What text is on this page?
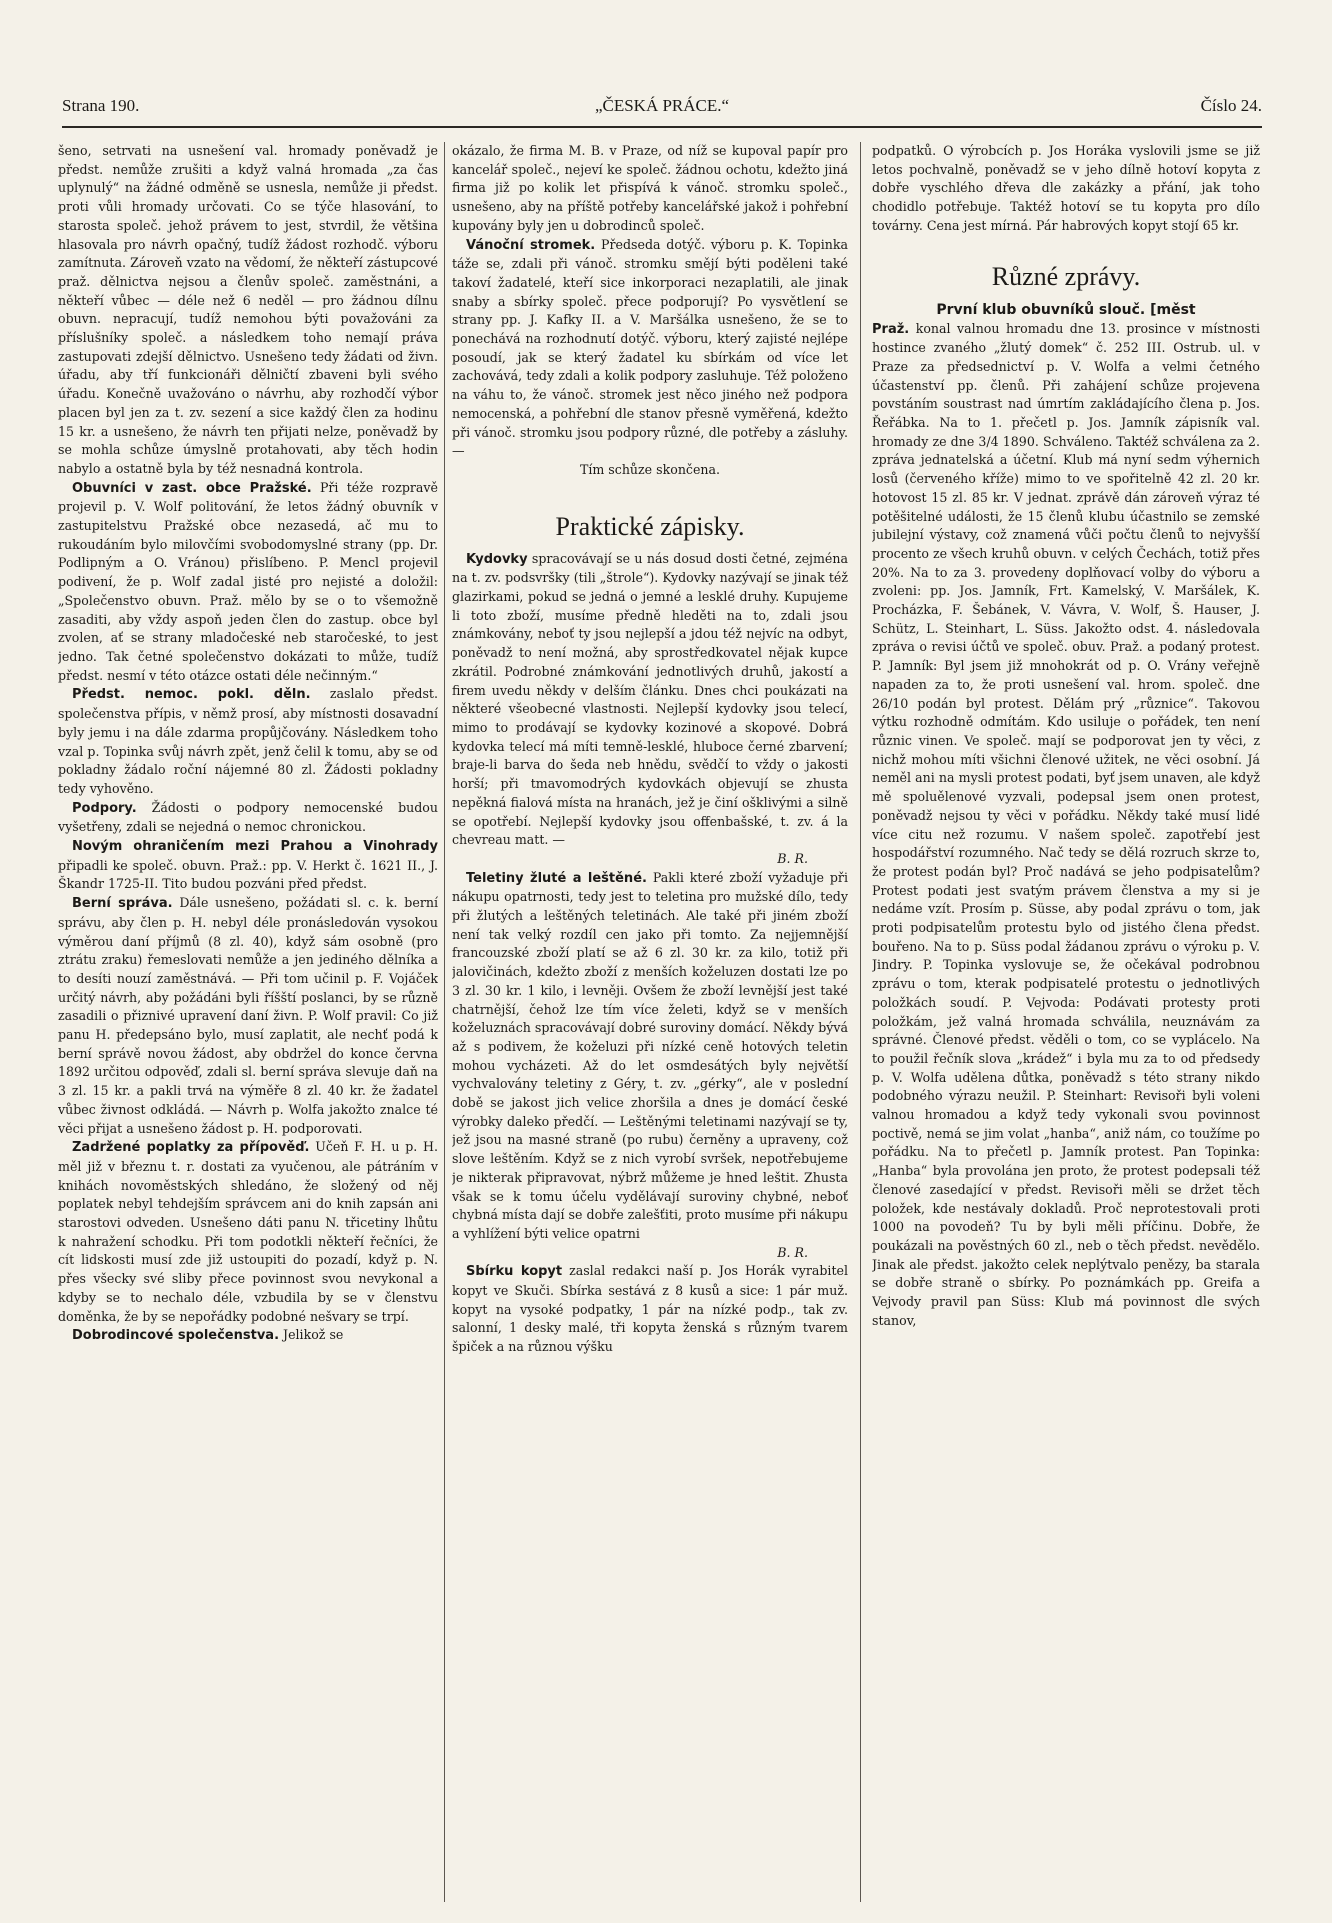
Strana 190.	„ČESKÁ PRÁCE.“	Číslo 24.

šeno, setrvati na usnešení val. hromady poněvadž je předst. nemůže zrušiti a když valná hromada „za čas uplynulý“ na žádné odměně se usnesla, nemůže ji předst. proti vůli hromady určovati. Co se týče hlasování, to starosta společ. jehož právem to jest, stvrdil, že většina hlasovala pro návrh opačný, tudíž žádost rozhodč. výboru zamítnuta. Zároveň vzato na vědomí, že někteří zástupcové praž. dělnictva nejsou a členův společ. zaměstnáni, a někteří vůbec — déle než 6 neděl — pro žádnou dílnu obuvn. nepracují, tudíž nemohou býti považováni za příslušníky společ. a následkem toho nemají práva zastupovati zdejší dělnictvo. Usnešeno tedy žádati od živn. úřadu, aby tří funkcionáři dělničtí zbaveni byli svého úřadu. Konečně uvažováno o návrhu, aby rozhodčí výbor placen byl jen za t. zv. sezení a sice každý člen za hodinu 15 kr. a usnešeno, že návrh ten přijati nelze, poněvadž by se mohla schůze úmyslně protahovati, aby těch hodin nabylo a ostatně byla by též nesnadná kontrola.

Obuvníci v zast. obce Pražské. Při téže rozpravě projevil p. V. Wolf politování, že letos žádný obuvník v zastupitelstvu Pražské obce nezasedá, ač mu to rukoudáním bylo milovčími svobodomyslné strany (pp. Dr. Podlipným a O. Vránou) přislíbeno. P. Mencl projevil podivení, že p. Wolf zadal jisté pro nejisté a doložil: „Společenstvo obuvn. Praž. mělo by se o to všemožně zasaditi, aby vždy aspoň jeden člen do zastup. obce byl zvolen, ať se strany mladočeské neb staročeské, to jest jedno. Tak četné společenstvo dokázati to může, tudíž předst. nesmí v této otázce ostati déle nečinným.“

Předst. nemoc. pokl. děln. zaslalo předst. společenstva přípis, v němž prosí, aby místnosti dosavadní byly jemu i na dále zdarma propůjčovány. Následkem toho vzal p. Topinka svůj návrh zpět, jenž čelil k tomu, aby se od pokladny žádalo roční nájemné 80 zl. Žádosti pokladny tedy vyhověno.

Podpory. Žádosti o podpory nemocenské budou vyšetřeny, zdali se nejedná o nemoc chronickou.

Novým ohraničením mezi Prahou a Vinohrady připadli ke společ. obuvn. Praž.: pp. V. Herkt č. 1621 II., J. Škandr 1725-II. Tito budou pozváni před předst.

Berní správa. Dále usnešeno, požádati sl. c. k. berní správu, aby člen p. H. nebyl déle pronásledován vysokou výměrou daní příjmů (8 zl. 40), když sám osobně (pro ztrátu zraku) řemeslovati nemůže a jen jediného dělníka a to desíti nouzí zaměstnává. — Při tom učinil p. F. Vojáček určitý návrh, aby požádáni byli říšští poslanci, by se různě zasadili o přiznivé upravení daní živn. P. Wolf pravil: Co již panu H. předepsáno bylo, musí zaplatit, ale nechť podá k berní správě novou žádost, aby obdržel do konce června 1892 určitou odpověď, zdali sl. berní správa slevuje daň na 3 zl. 15 kr. a pakli trvá na výměře 8 zl. 40 kr. že žadatel vůbec živnost odkládá. — Návrh p. Wolfa jakožto znalce té věci přijat a usnešeno žádost p. H. podporovati.

Zadržené poplatky za přípověď. Učeň F. H. u p. H. měl již v březnu t. r. dostati za vyučenou, ale pátráním v knihách novoměstských shledáno, že složený od něj poplatek nebyl tehdejším správcem ani do knih zapsán ani starostovi odveden. Usnešeno dáti panu N. třicetiny lhůtu k nahražení schodku. Při tom podotkli někteří řečníci, že cít lidskosti musí zde již ustoupiti do pozadí, když p. N. přes všecky své sliby přece povinnost svou nevykonal a kdyby se to nechalo déle, vzbudila by se v členstvu doměnka, že by se nepořádky podobné nešvary se trpí.

Dobrodincové společenstva. Jelikož se

okázalo, že firma M. B. v Praze, od níž se kupoval papír pro kancelář společ., nejeví ke společ. žádnou ochotu, kdežto jiná firma již po kolik let přispívá k vánoč. stromku společ., usnešeno, aby na příště potřeby kancelářské jakož i pohřební kupovány byly jen u dobrodinců společ.

Vánoční stromek. Předseda dotýč. výboru p. K. Topinka táže se, zdali při vánoč. stromku smějí býti poděleni také takoví žadatelé, kteří sice inkorporaci nezaplatili, ale jinak snaby a sbírky společ. přece podporují? Po vysvětlení se strany pp. J. Kafky II. a V. Maršálka usnešeno, že se to ponechává na rozhodnutí dotýč. výboru, který zajisté nejlépe posoudí, jak se který žadatel ku sbírkám od více let zachovává, tedy zdali a kolik podpory zasluhuje. Též položeno na váhu to, že vánoč. stromek jest něco jiného než podpora nemocenská, a pohřební dle stanov přesně vyměřená, kdežto při vánoč. stromku jsou podpory různé, dle potřeby a zásluhy. —

Tím schůze skončena.

Praktické zápisky.

Kydovky spracovávají se u nás dosud dosti četné, zejména na t. zv. podsvršky (tili „štrole“). Kydovky nazývají se jinak též glazirkami, pokud se jedná o jemné a lesklé druhy. Kupujeme li toto zboží, musíme předně hleděti na to, zdali jsou známkovány, neboť ty jsou nejlepší a jdou též nejvíc na odbyt, poněvadž to není možná, aby sprostředkovatel nějak kupce zkrátil. Podrobné známkování jednotlivých druhů, jakostí a firem uvedu někdy v delším článku. Dnes chci poukázati na některé všeobecné vlastnosti. Nejlepší kydovky jsou telecí, mimo to prodávají se kydovky kozinové a skopové. Dobrá kydovka telecí má míti temně-lesklé, hluboce černé zbarvení; braje-li barva do šeda neb hnědu, svědčí to vždy o jakosti horší; při tmavomodrých kydovkách objevují se zhusta nepěkná fialová místa na hranách, jež je činí ošklivými a silně se opotřebí. Nejlepší kydovky jsou offenbašské, t. zv. á la chevreau matt. —

B. R.

Teletiny žluté a leštěné. Pakli které zboží vyžaduje při nákupu opatrnosti, tedy jest to teletina pro mužské dílo, tedy při žlutých a leštěných teletinách. Ale také při jiném zboží není tak velký rozdíl cen jako při tomto. Za nejjemnější francouzské zboží platí se až 6 zl. 30 kr. za kilo, totiž při jalovičinách, kdežto zboží z menších koželuzen dostati lze po 3 zl. 30 kr. 1 kilo, i levněji. Ovšem že zboží levnější jest také chatrnější, čehož lze tím více želeti, když se v menších koželuznách spracovávají dobré suroviny domácí. Někdy bývá až s podivem, že koželuzi při nízké ceně hotových teletin mohou vycházeti. Až do let osmdesátých byly největší vychvalovány teletiny z Géry, t. zv. „gérky“, ale v poslední době se jakost jich velice zhoršila a dnes je domácí české výrobky daleko předčí. — Leštěnými teletinami nazývají se ty, jež jsou na masné straně (po rubu) černěny a upraveny, což slove leštěním. Když se z nich vyrobí svršek, nepotřebujeme je nikterak připravovat, nýbrž můžeme je hned leštit. Zhusta však se k tomu účelu vydělávají suroviny chybné, neboť chybná místa dají se dobře zalešťiti, proto musíme při nákupu a vyhlížení býti velice opatrni

B. R.

Sbírku kopyt zaslal redakci naší p. Jos Horák vyrabitel kopyt ve Skuči. Sbírka sestává z 8 kusů a sice: 1 pár muž. kopyt na vysoké podpatky, 1 pár na nízké podp., tak zv. salonní, 1 desky malé, tři kopyta ženská s různým tvarem špiček a na různou výšku

podpatků. O výrobcích p. Jos Horáka vyslovili jsme se již letos pochvalně, poněvadž se v jeho dílně hotoví kopyta z dobře vyschlého dřeva dle zakázky a přání, jak toho chodidlo potřebuje. Taktéž hotoví se tu kopyta pro dílo továrny. Cena jest mírná. Pár habrových kopyt stojí 65 kr.

Různé zprávy.
První klub obuvníků slouč. [měst

Praž. konal valnou hromadu dne 13. prosince v místnosti hostince zvaného „žlutý domek“ č. 252 III. Ostrub. ul. v Praze za předsednictví p. V. Wolfa a velmi četného účastenství pp. členů. Při zahájení schůze projevena povstáním soustrast nad úmrtím zakládajícího člena p. Jos. Řeřábka. Na to 1. přečetl p. Jos. Jamník zápisník val. hromady ze dne 3/4 1890. Schváleno. Taktéž schválena za 2. zpráva jednatelská a účetní. Klub má nyní sedm výhernich losů (červeného kříže) mimo to ve spořitelně 42 zl. 20 kr. hotovost 15 zl. 85 kr. V jednat. zprávě dán zároveň výraz té potěšitelné události, že 15 členů klubu účastnilo se zemské jubilejní výstavy, což znamená vůči počtu členů to nejvyšší procento ze všech kruhů obuvn. v celých Čechách, totiž přes 20%. Na to za 3. provedeny doplňovací volby do výboru a zvoleni: pp. Jos. Jamník, Frt. Kamelský, V. Maršálek, K. Procházka, F. Šebánek, V. Vávra, V. Wolf, Š. Hauser, J. Schütz, L. Steinhart, L. Süss. Jakožto odst. 4. následovala zpráva o revisi účtů ve společ. obuv. Praž. a podaný protest. P. Jamník: Byl jsem již mnohokrát od p. O. Vrány veřejně napaden za to, že proti usnešení val. hrom. společ. dne 26/10 podán byl protest. Dělám prý „různice“. Takovou výtku rozhodně odmítám. Kdo usiluje o pořádek, ten není různic vinen. Ve společ. mají se podporovat jen ty věci, z nichž mohou míti všichni členové užitek, ne věci osobní. Já neměl ani na mysli protest podati, byť jsem unaven, ale když mě spoluělenové vyzvali, podepsal jsem onen protest, poněvadž nejsou ty věci v pořádku. Někdy také musí lidé více citu než rozumu. V našem společ. zapotřebí jest hospodářství rozumného. Nač tedy se dělá rozruch skrze to, že protest podán byl? Proč nadává se jeho podpisatelům? Protest podati jest svatým právem členstva a my si je nedáme vzít. Prosím p. Süsse, aby podal zprávu o tom, jak proti podpisatelům protestu bylo od jistého člena předst. bouřeno. Na to p. Süss podal žádanou zprávu o výroku p. V. Jindry. P. Topinka vyslovuje se, že očekával podrobnou zprávu o tom, kterak podpisatelé protestu o jednotlivých položkách soudí. P. Vejvoda: Podávati protesty proti položkám, jež valná hromada schválila, neuznávám za správné. Členové předst. věděli o tom, co se vyplácelo. Na to použil řečník slova „krádež“ i byla mu za to od předsedy p. V. Wolfa udělena důtka, poněvadž s této strany nikdo podobného výrazu neužil. P. Steinhart: Revisoři byli voleni valnou hromadou a když tedy vykonali svou povinnost poctivě, nemá se jim volat „hanba“, aniž nám, co toužíme po pořádku. Na to přečetl p. Jamník protest. Pan Topinka: „Hanba“ byla provolána jen proto, že protest podepsali též členové zasedající v předst. Revisoři měli se držet těch položek, kde nestávaly dokladů. Proč neprotestovali proti 1000 na povodeň? Tu by byli měli příčinu. Dobře, že poukázali na pověstných 60 zl., neb o těch předst. nevědělo. Jinak ale předst. jakožto celek neplýtvalo penězy, ba starala se dobře straně o sbírky. Po poznámkách pp. Greifa a Vejvody pravil pan Süss: Klub má povinnost dle svých stanov,
